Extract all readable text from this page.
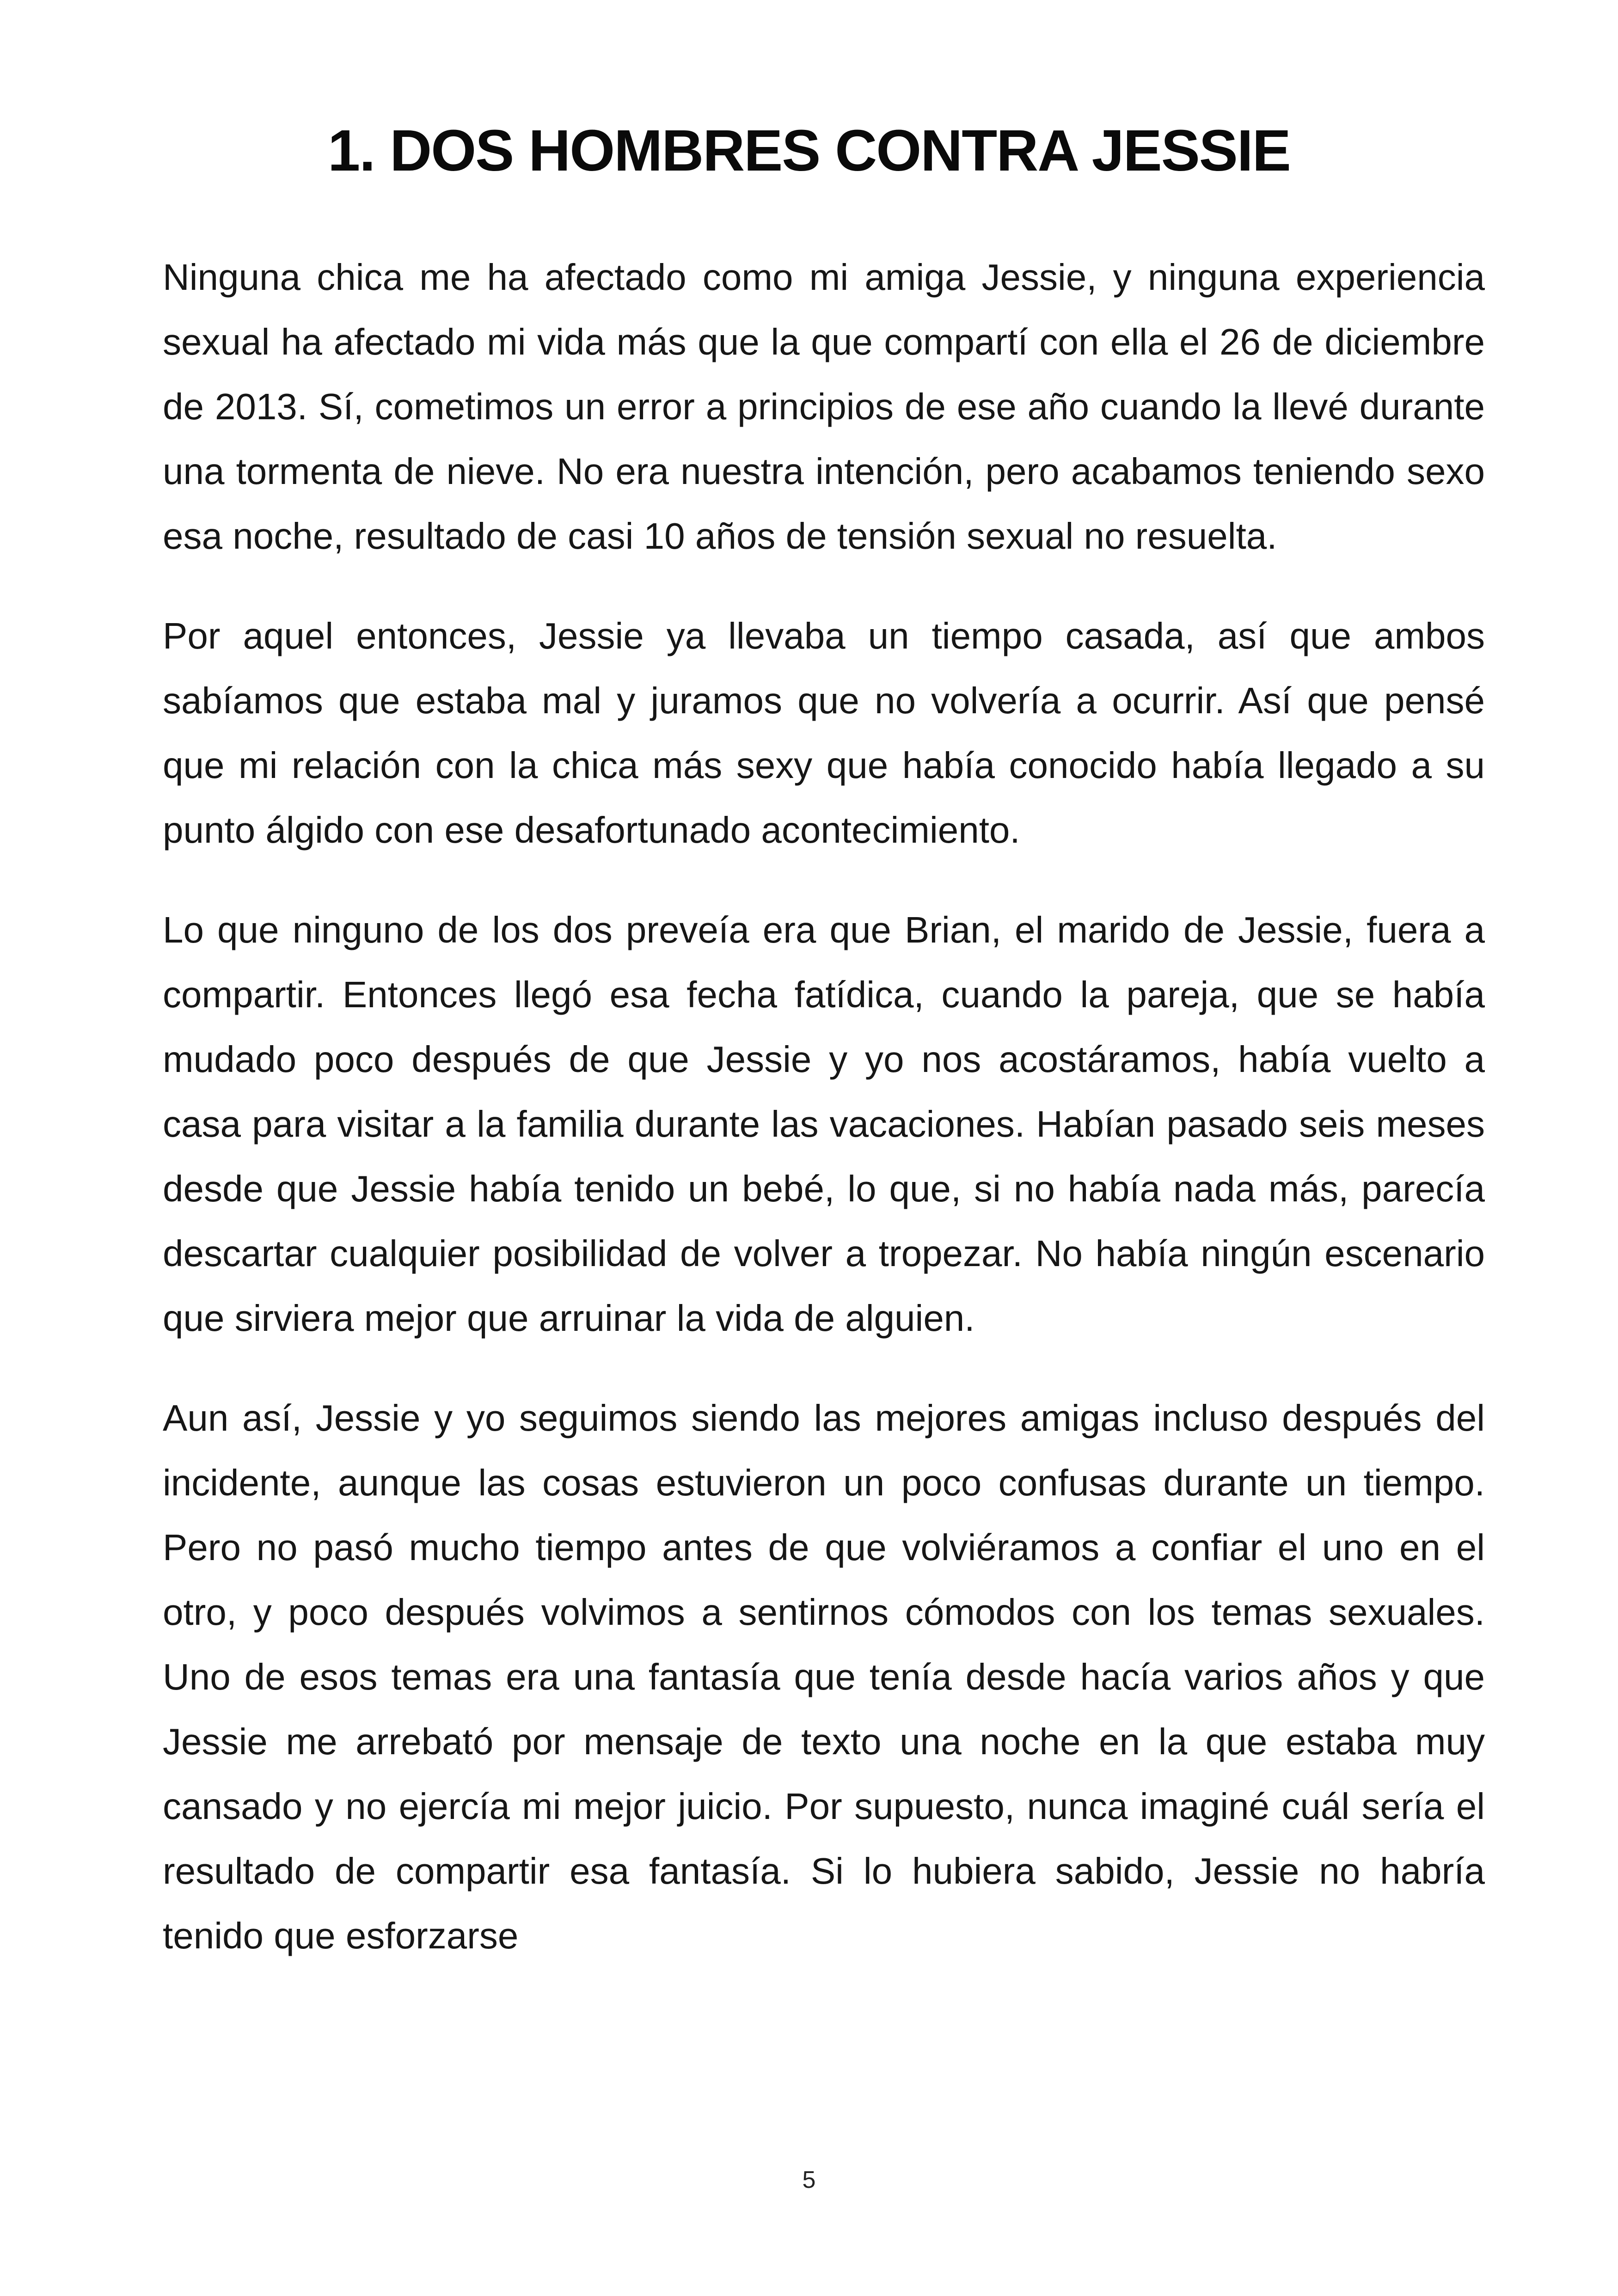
1. DOS HOMBRES CONTRA JESSIE

Ninguna chica me ha afectado como mi amiga Jessie, y ninguna experiencia sexual ha afectado mi vida más que la que compartí con ella el 26 de diciembre de 2013. Sí, cometimos un error a principios de ese año cuando la llevé durante una tormenta de nieve. No era nuestra intención, pero acabamos teniendo sexo esa noche, resultado de casi 10 años de tensión sexual no resuelta.

Por aquel entonces, Jessie ya llevaba un tiempo casada, así que ambos sabíamos que estaba mal y juramos que no volvería a ocurrir. Así que pensé que mi relación con la chica más sexy que había conocido había llegado a su punto álgido con ese desafortunado acontecimiento.

Lo que ninguno de los dos preveía era que Brian, el marido de Jessie, fuera a compartir. Entonces llegó esa fecha fatídica, cuando la pareja, que se había mudado poco después de que Jessie y yo nos acostáramos, había vuelto a casa para visitar a la familia durante las vacaciones. Habían pasado seis meses desde que Jessie había tenido un bebé, lo que, si no había nada más, parecía descartar cualquier posibilidad de volver a tropezar. No había ningún escenario que sirviera mejor que arruinar la vida de alguien.

Aun así, Jessie y yo seguimos siendo las mejores amigas incluso después del incidente, aunque las cosas estuvieron un poco confusas durante un tiempo. Pero no pasó mucho tiempo antes de que volviéramos a confiar el uno en el otro, y poco después volvimos a sentirnos cómodos con los temas sexuales. Uno de esos temas era una fantasía que tenía desde hacía varios años y que Jessie me arrebató por mensaje de texto una noche en la que estaba muy cansado y no ejercía mi mejor juicio. Por supuesto, nunca imaginé cuál sería el resultado de compartir esa fantasía. Si lo hubiera sabido, Jessie no habría tenido que esforzarse

5
